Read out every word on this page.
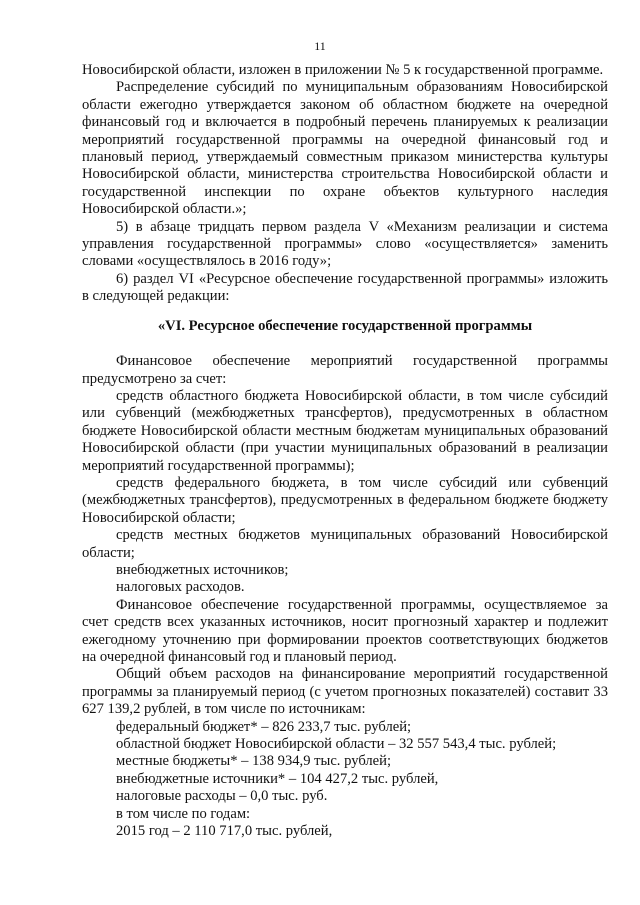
11

Новосибирской области, изложен в приложении № 5 к государственной программе.

Распределение субсидий по муниципальным образованиям Новосибирской области ежегодно утверждается законом об областном бюджете на очередной финансовый год и включается в подробный перечень планируемых к реализации мероприятий государственной программы на очередной финансовый год и плановый период, утверждаемый совместным приказом министерства культуры Новосибирской области, министерства строительства Новосибирской области и государственной инспекции по охране объектов культурного наследия Новосибирской области.»;

5) в абзаце тридцать первом раздела V «Механизм реализации и система управления государственной программы» слово «осуществляется» заменить словами «осуществлялось в 2016 году»;

6) раздел VI «Ресурсное обеспечение государственной программы» изложить в следующей редакции:

«VI. Ресурсное обеспечение государственной программы

Финансовое обеспечение мероприятий государственной программы предусмотрено за счет:

средств областного бюджета Новосибирской области, в том числе субсидий или субвенций (межбюджетных трансфертов), предусмотренных в областном бюджете Новосибирской области местным бюджетам муниципальных образований Новосибирской области (при участии муниципальных образований в реализации мероприятий государственной программы);

средств федерального бюджета, в том числе субсидий или субвенций (межбюджетных трансфертов), предусмотренных в федеральном бюджете бюджету Новосибирской области;

средств местных бюджетов муниципальных образований Новосибирской области;

внебюджетных источников;

налоговых расходов.

Финансовое обеспечение государственной программы, осуществляемое за счет средств всех указанных источников, носит прогнозный характер и подлежит ежегодному уточнению при формировании проектов соответствующих бюджетов на очередной финансовый год и плановый период.

Общий объем расходов на финансирование мероприятий государственной программы за планируемый период (с учетом прогнозных показателей) составит 33 627 139,2 рублей, в том числе по источникам:

федеральный бюджет* – 826 233,7 тыс. рублей;

областной бюджет Новосибирской области – 32 557 543,4 тыс. рублей;

местные бюджеты* – 138 934,9 тыс. рублей;

внебюджетные источники* – 104 427,2 тыс. рублей,

налоговые расходы – 0,0 тыс. руб.

в том числе по годам:

2015 год – 2 110 717,0 тыс. рублей,
